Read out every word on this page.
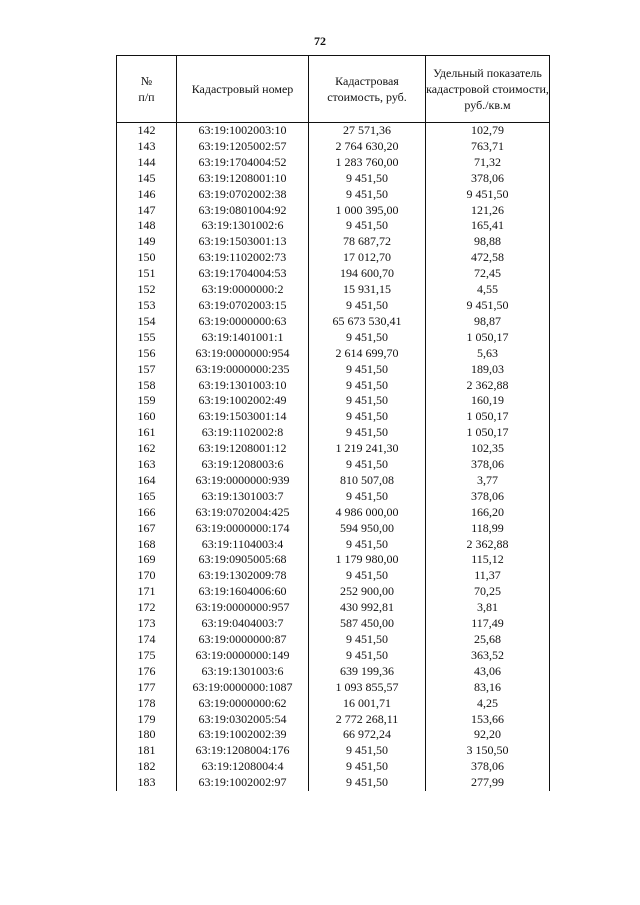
72
№
п/п	Кадастровый номер	Кадастровая стоимость, руб.	Удельный показатель кадастровой стоимости, руб./кв.м
142	63:19:1002003:10	27 571,36	102,79
143	63:19:1205002:57	2 764 630,20	763,71
144	63:19:1704004:52	1 283 760,00	71,32
145	63:19:1208001:10	9 451,50	378,06
146	63:19:0702002:38	9 451,50	9 451,50
147	63:19:0801004:92	1 000 395,00	121,26
148	63:19:1301002:6	9 451,50	165,41
149	63:19:1503001:13	78 687,72	98,88
150	63:19:1102002:73	17 012,70	472,58
151	63:19:1704004:53	194 600,70	72,45
152	63:19:0000000:2	15 931,15	4,55
153	63:19:0702003:15	9 451,50	9 451,50
154	63:19:0000000:63	65 673 530,41	98,87
155	63:19:1401001:1	9 451,50	1 050,17
156	63:19:0000000:954	2 614 699,70	5,63
157	63:19:0000000:235	9 451,50	189,03
158	63:19:1301003:10	9 451,50	2 362,88
159	63:19:1002002:49	9 451,50	160,19
160	63:19:1503001:14	9 451,50	1 050,17
161	63:19:1102002:8	9 451,50	1 050,17
162	63:19:1208001:12	1 219 241,30	102,35
163	63:19:1208003:6	9 451,50	378,06
164	63:19:0000000:939	810 507,08	3,77
165	63:19:1301003:7	9 451,50	378,06
166	63:19:0702004:425	4 986 000,00	166,20
167	63:19:0000000:174	594 950,00	118,99
168	63:19:1104003:4	9 451,50	2 362,88
169	63:19:0905005:68	1 179 980,00	115,12
170	63:19:1302009:78	9 451,50	11,37
171	63:19:1604006:60	252 900,00	70,25
172	63:19:0000000:957	430 992,81	3,81
173	63:19:0404003:7	587 450,00	117,49
174	63:19:0000000:87	9 451,50	25,68
175	63:19:0000000:149	9 451,50	363,52
176	63:19:1301003:6	639 199,36	43,06
177	63:19:0000000:1087	1 093 855,57	83,16
178	63:19:0000000:62	16 001,71	4,25
179	63:19:0302005:54	2 772 268,11	153,66
180	63:19:1002002:39	66 972,24	92,20
181	63:19:1208004:176	9 451,50	3 150,50
182	63:19:1208004:4	9 451,50	378,06
183	63:19:1002002:97	9 451,50	277,99
